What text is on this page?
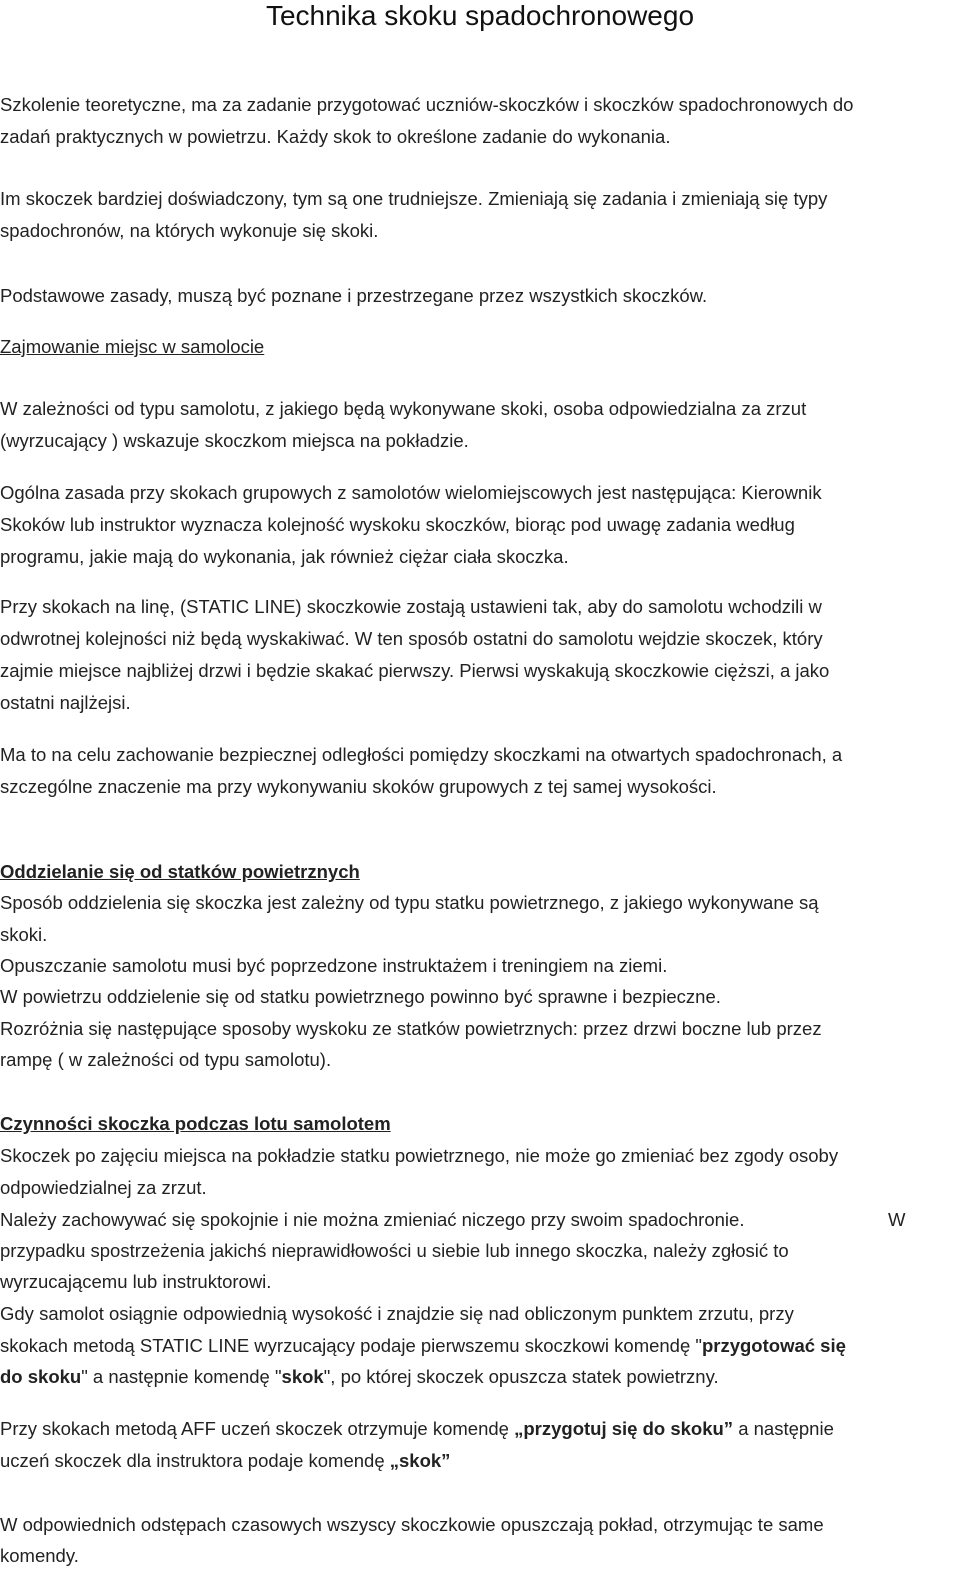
Technika skoku spadochronowego
Szkolenie teoretyczne, ma za zadanie przygotować uczniów-skoczków i skoczków spadochronowych do
zadań praktycznych w powietrzu. Każdy skok to określone zadanie do wykonania.
Im skoczek bardziej doświadczony, tym są one trudniejsze. Zmieniają się zadania i zmieniają się typy
spadochronów, na których wykonuje się skoki.
Podstawowe zasady, muszą być poznane i przestrzegane przez wszystkich skoczków.
Zajmowanie miejsc w samolocie
W zależności od typu samolotu, z jakiego będą wykonywane skoki, osoba odpowiedzialna za zrzut
(wyrzucający ) wskazuje skoczkom miejsca na pokładzie.
Ogólna zasada przy skokach grupowych z samolotów wielomiejscowych jest następująca: Kierownik
Skoków lub instruktor wyznacza kolejność wyskoku skoczków, biorąc pod uwagę zadania według
programu, jakie mają do wykonania, jak również ciężar ciała skoczka.
Przy skokach na linę, (STATIC LINE) skoczkowie zostają ustawieni tak, aby do samolotu wchodzili w
odwrotnej kolejności niż będą wyskakiwać. W ten sposób ostatni do samolotu wejdzie skoczek, który
zajmie miejsce najbliżej drzwi i będzie skakać pierwszy. Pierwsi wyskakują skoczkowie cięższi, a jako
ostatni najlżejsi.
Ma to na celu zachowanie bezpiecznej odległości pomiędzy skoczkami na otwartych spadochronach, a
szczególne znaczenie ma przy wykonywaniu skoków grupowych z tej samej wysokości.
Oddzielanie się od statków powietrznych
Sposób oddzielenia się skoczka jest zależny od typu statku powietrznego, z jakiego wykonywane są
skoki.
Opuszczanie samolotu musi być poprzedzone instruktażem i treningiem na ziemi.
W powietrzu oddzielenie się od statku powietrznego powinno być sprawne i bezpieczne.
Rozróżnia się następujące sposoby wyskoku ze statków powietrznych: przez drzwi boczne lub przez
rampę ( w zależności od typu samolotu).
Czynności skoczka podczas lotu samolotem
Skoczek po zajęciu miejsca na pokładzie statku powietrznego, nie może go zmieniać bez zgody osoby
odpowiedzialnej za zrzut.
Należy zachowywać się spokojnie i nie można zmieniać niczego przy swoim spadochronie.	W
przypadku spostrzeżenia jakichś nieprawidłowości u siebie lub innego skoczka, należy zgłosić to
wyrzucającemu lub instruktorowi.
Gdy samolot osiągnie odpowiednią wysokość i znajdzie się nad obliczonym punktem zrzutu, przy
skokach metodą STATIC LINE wyrzucający podaje pierwszemu skoczkowi komendę "przygotować się
do skoku" a następnie komendę "skok", po której skoczek opuszcza statek powietrzny.
Przy skokach metodą AFF uczeń skoczek otrzymuje komendę „przygotuj się do skoku” a następnie
uczeń skoczek dla instruktora podaje komendę „skok”
W odpowiednich odstępach czasowych wszyscy skoczkowie opuszczają pokład, otrzymując te same
komendy.
